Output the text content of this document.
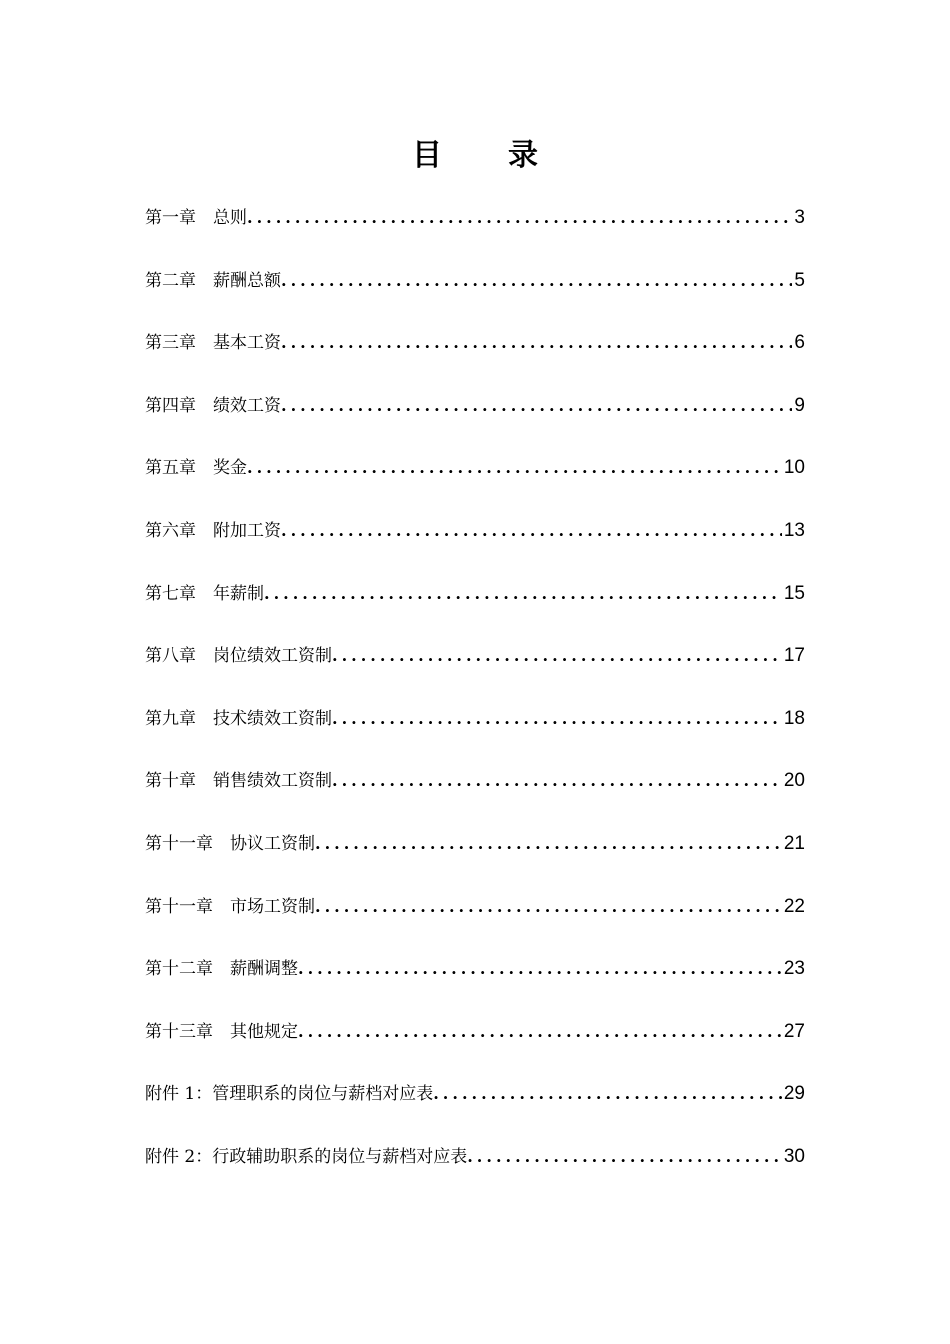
目 录
第一章　总则 .....	3
第二章　薪酬总额 .....	5
第三章　基本工资 .....	6
第四章　绩效工资 .....	9
第五章　奖金 .....	10
第六章　附加工资 .....	13
第七章　年薪制 .....	15
第八章　岗位绩效工资制 .....	17
第九章　技术绩效工资制 .....	18
第十章　销售绩效工资制 .....	20
第十一章　协议工资制 .....	21
第十一章　市场工资制 .....	22
第十二章　薪酬调整 .....	23
第十三章　其他规定 .....	27
附件 1：管理职系的岗位与薪档对应表 .....	29
附件 2：行政辅助职系的岗位与薪档对应表 .....	30
